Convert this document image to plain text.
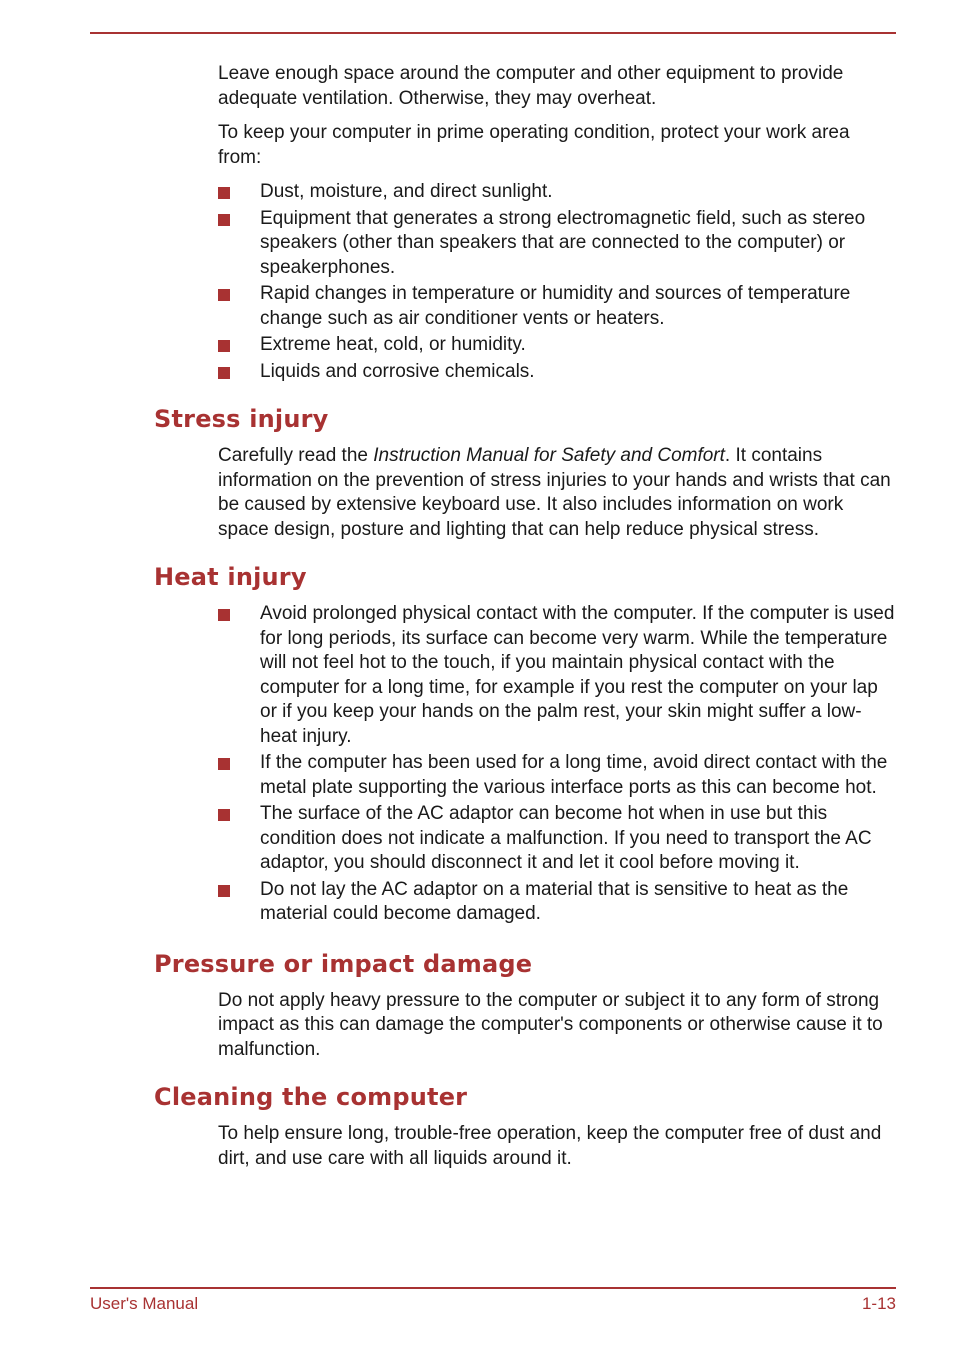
Leave enough space around the computer and other equipment to provide adequate ventilation. Otherwise, they may overheat.

To keep your computer in prime operating condition, protect your work area from:

Dust, moisture, and direct sunlight.
Equipment that generates a strong electromagnetic field, such as stereo speakers (other than speakers that are connected to the computer) or speakerphones.
Rapid changes in temperature or humidity and sources of temperature change such as air conditioner vents or heaters.
Extreme heat, cold, or humidity.
Liquids and corrosive chemicals.
Stress injury

Carefully read the Instruction Manual for Safety and Comfort. It contains information on the prevention of stress injuries to your hands and wrists that can be caused by extensive keyboard use. It also includes information on work space design, posture and lighting that can help reduce physical stress.

Heat injury
Avoid prolonged physical contact with the computer. If the computer is used for long periods, its surface can become very warm. While the temperature will not feel hot to the touch, if you maintain physical contact with the computer for a long time, for example if you rest the computer on your lap or if you keep your hands on the palm rest, your skin might suffer a low-heat injury.
If the computer has been used for a long time, avoid direct contact with the metal plate supporting the various interface ports as this can become hot.
The surface of the AC adaptor can become hot when in use but this condition does not indicate a malfunction. If you need to transport the AC adaptor, you should disconnect it and let it cool before moving it.
Do not lay the AC adaptor on a material that is sensitive to heat as the material could become damaged.
Pressure or impact damage

Do not apply heavy pressure to the computer or subject it to any form of strong impact as this can damage the computer's components or otherwise cause it to malfunction.

Cleaning the computer

To help ensure long, trouble-free operation, keep the computer free of dust and dirt, and use care with all liquids around it.

User's Manual	1-13
